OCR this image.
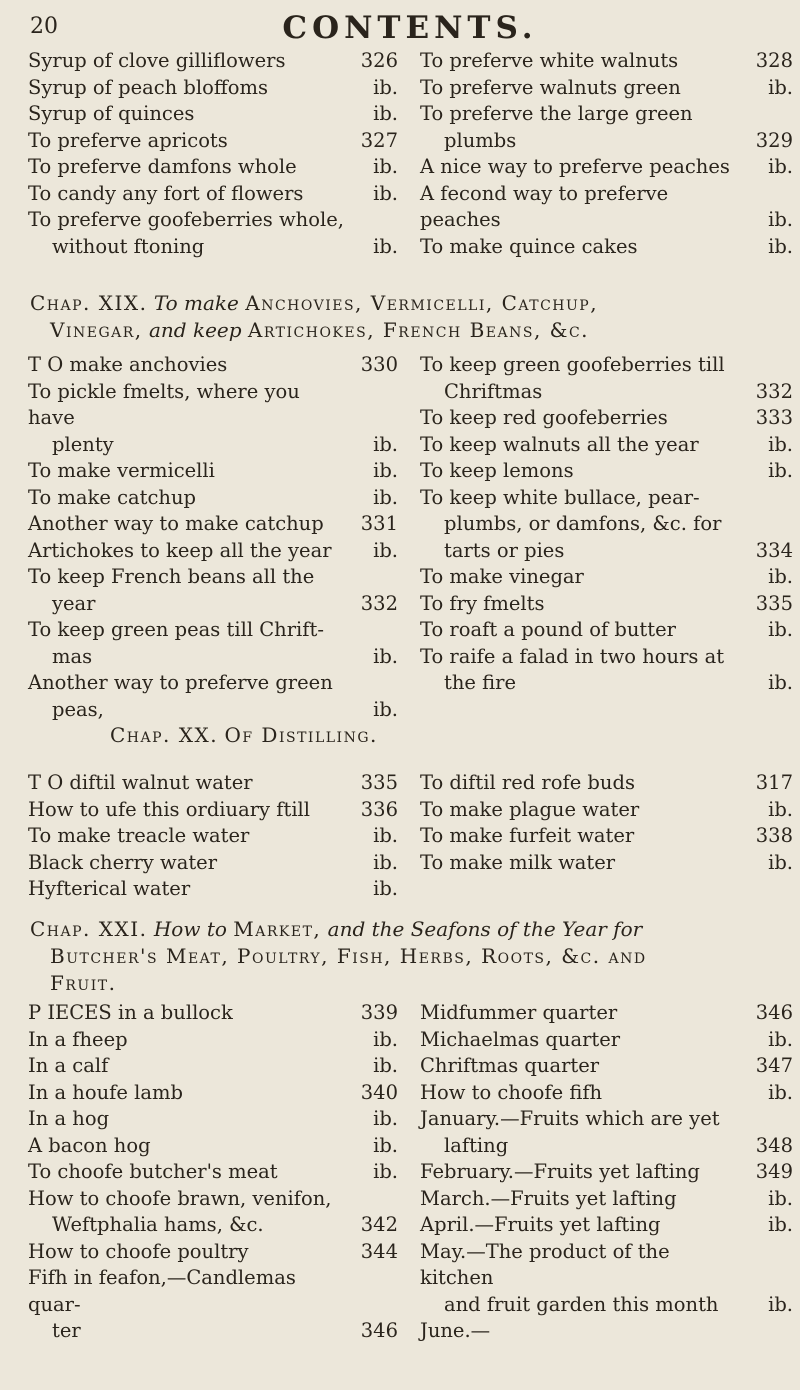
20	CONTENTS.
Syrup of clove gilliflowers	326
Syrup of peach bloffoms	ib.
Syrup of quinces	ib.
To preferve apricots	327
To preferve damfons whole	ib.
To candy any fort of flowers	ib.
To preferve goofeberries whole,
without ftoning	ib.
To preferve white walnuts	328
To preferve walnuts green	ib.
To preferve the large green
plumbs	329
A nice way to preferve peaches	ib.
A fecond way to preferve peaches	ib.
To make quince cakes	ib.
Chap. XIX. To make Anchovies, Vermicelli, Catchup,
Vinegar, and keep Artichokes, French Beans, &c.
T O make anchovies	330
To pickle fmelts, where you have
plenty	ib.
To make vermicelli	ib.
To make catchup	ib.
Another way to make catchup	331
Artichokes to keep all the year	ib.
To keep French beans all the
year	332
To keep green peas till Chrift-
mas	ib.
Another way to preferve green
peas,	ib.
To keep green goofeberries till
Chriftmas	332
To keep red goofeberries	333
To keep walnuts all the year	ib.
To keep lemons	ib.
To keep white bullace, pear-
plumbs, or damfons, &c. for
tarts or pies	334
To make vinegar	ib.
To fry fmelts	335
To roaft a pound of butter	ib.
To raife a falad in two hours at
the fire	ib.
Chap. XX. Of Distilling.
T O diftil walnut water	335
How to ufe this ordiuary ftill	336
To make treacle water	ib.
Black cherry water	ib.
Hyfterical water	ib.
To diftil red rofe buds	317
To make plague water	ib.
To make furfeit water	338
To make milk water	ib.
Chap. XXI. How to Market, and the Seafons of the Year for
Butcher's Meat, Poultry, Fish, Herbs, Roots, &c. and
Fruit.
P IECES in a bullock	339
In a fheep	ib.
In a calf	ib.
In a houfe lamb	340
In a hog	ib.
A bacon hog	ib.
To choofe butcher's meat	ib.
How to choofe brawn, venifon,
Weftphalia hams, &c.	342
How to choofe poultry	344
Fifh in feafon,—Candlemas quar-
ter	346
Midfummer quarter	346
Michaelmas quarter	ib.
Chriftmas quarter	347
How to choofe fifh	ib.
January.—Fruits which are yet
lafting	348
February.—Fruits yet lafting	349
March.—Fruits yet lafting	ib.
April.—Fruits yet lafting	ib.
May.—The product of the kitchen
and fruit garden this month	ib.
June.—
